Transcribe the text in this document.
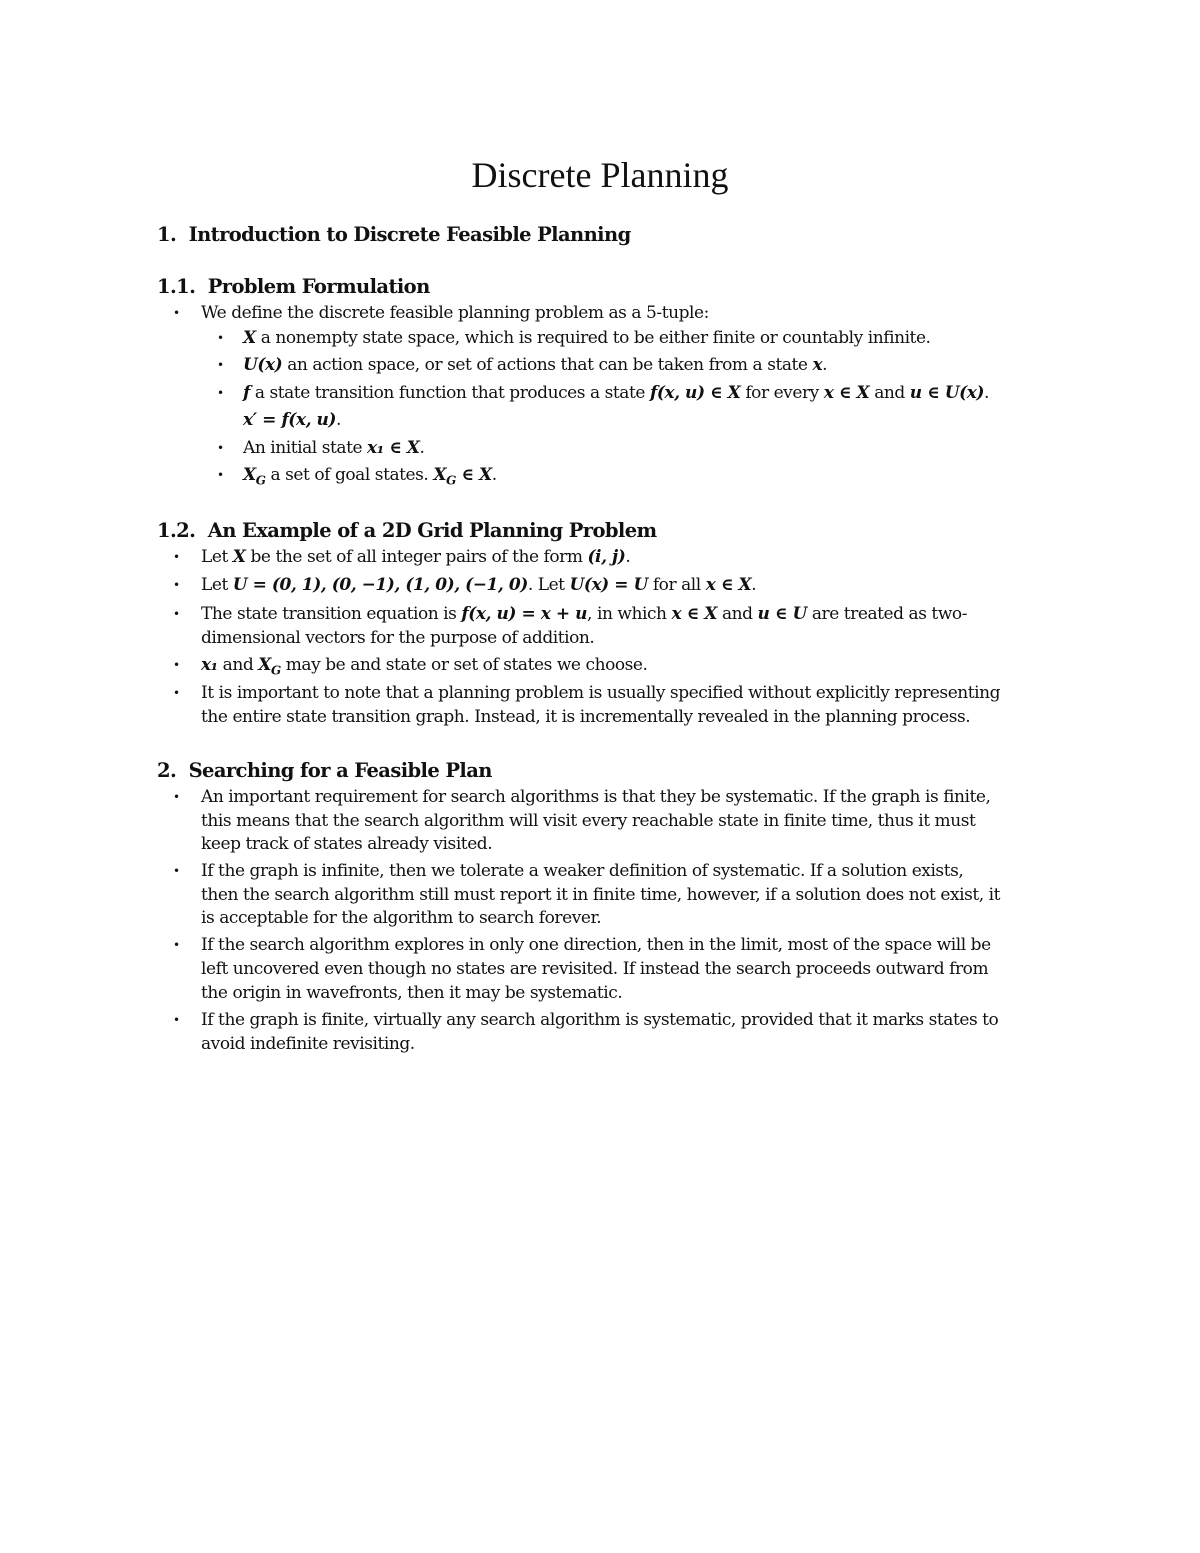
Discrete Planning
1. Introduction to Discrete Feasible Planning
1.1. Problem Formulation
• We define the discrete feasible planning problem as a 5-tuple:
• X a nonempty state space, which is required to be either finite or countably infinite.
• U(x) an action space, or set of actions that can be taken from a state x.
• f a state transition function that produces a state f(x, u) ∈ X for every x ∈ X and u ∈ U(x).
x′ = f(x, u).
• An initial state x₁ ∈ X.
• $X_G$ a set of goal states. $X_G$ ∈ X.
1.2. An Example of a 2D Grid Planning Problem
• Let X be the set of all integer pairs of the form (i, j).
• Let U = (0, 1), (0, −1), (1, 0), (−1, 0). Let U(x) = U for all x ∈ X.
• The state transition equation is f(x, u) = x + u, in which x ∈ X and u ∈ U are treated as two-
dimensional vectors for the purpose of addition.
• x₁ and $X_G$ may be and state or set of states we choose.
• It is important to note that a planning problem is usually specified without explicitly representing
the entire state transition graph. Instead, it is incrementally revealed in the planning process.
2. Searching for a Feasible Plan
• An important requirement for search algorithms is that they be systematic. If the graph is finite,
this means that the search algorithm will visit every reachable state in finite time, thus it must
keep track of states already visited.
• If the graph is infinite, then we tolerate a weaker definition of systematic. If a solution exists,
then the search algorithm still must report it in finite time, however, if a solution does not exist, it
is acceptable for the algorithm to search forever.
• If the search algorithm explores in only one direction, then in the limit, most of the space will be
left uncovered even though no states are revisited. If instead the search proceeds outward from
the origin in wavefronts, then it may be systematic.
• If the graph is finite, virtually any search algorithm is systematic, provided that it marks states to
avoid indefinite revisiting.
